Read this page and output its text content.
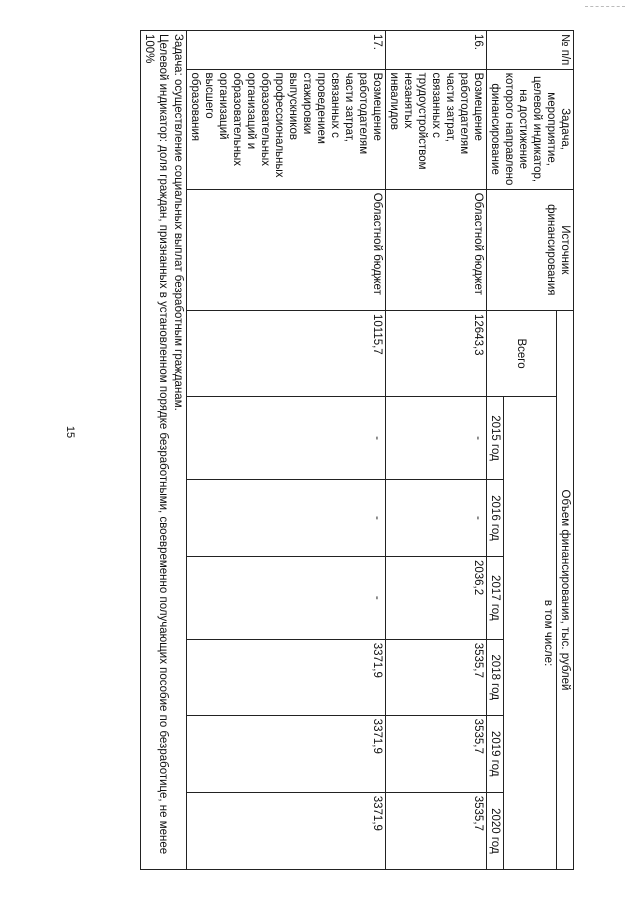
15
№ п/п	Задача, мероприятие, целевой индикатор, на достижение которого направлено финансирование	Источник финансирования	Объем финансирования, тыс. рублей						
			Всего	в том числе:					
				2015 год	2016 год	2017 год	2018 год	2019 год	2020 год
16.	Возмещение работодателям части затрат, связанных с трудоустройством незанятых инвалидов	Областной бюджет	12643,3	-	-	2036,2	3535,7	3535,7	3535,7
17.	Возмещение работодателям части затрат, связанных с проведением стажировки выпускников профессиональных образовательных организаций и образовательных организаций высшего образования	Областной бюджет	10115,7	-	-	-	3371,9	3371,9	3371,9

Задача: осуществление социальных выплат безработным гражданам.
Целевой индикатор: доля граждан, признанных в установленном порядке безработными, своевременно получающих пособие по безработице, не менее 100%									
